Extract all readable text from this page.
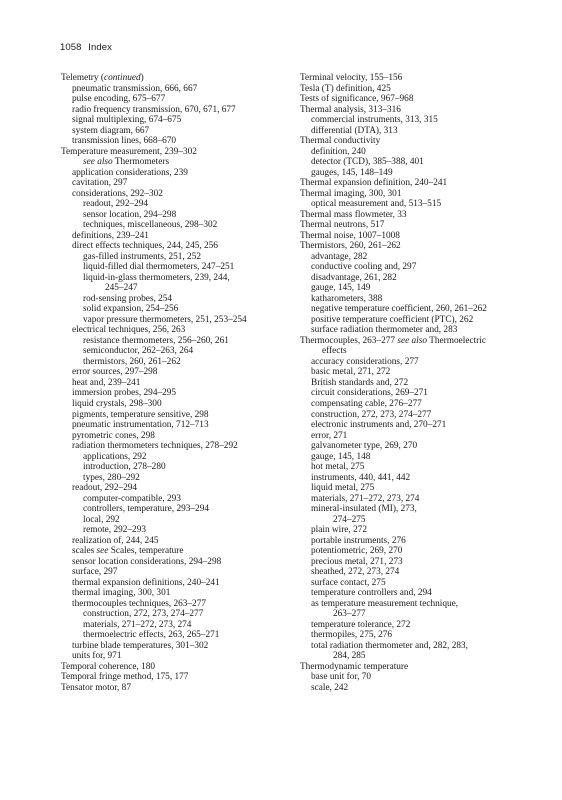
1058 Index
Telemetry (continued)
pneumatic transmission, 666, 667
pulse encoding, 675–677
radio frequency transmission, 670, 671, 677
signal multiplexing, 674–675
system diagram, 667
transmission lines, 668–670
Temperature measurement, 239–302
see also Thermometers
application considerations, 239
cavitation, 297
considerations, 292–302
readout, 292–294
sensor location, 294–298
techniques, miscellaneous, 298–302
definitions, 239–241
direct effects techniques, 244, 245, 256
gas-filled instruments, 251, 252
liquid-filled dial thermometers, 247–251
liquid-in-glass thermometers, 239, 244,
245–247
rod-sensing probes, 254
solid expansion, 254–256
vapor pressure thermometers, 251, 253–254
electrical techniques, 256, 263
resistance thermometers, 256–260, 261
semiconductor, 262–263, 264
thermistors, 260, 261–262
error sources, 297–298
heat and, 239–241
immersion probes, 294–295
liquid crystals, 298–300
pigments, temperature sensitive, 298
pneumatic instrumentation, 712–713
pyrometric cones, 298
radiation thermometers techniques, 278–292
applications, 292
introduction, 278–280
types, 280–292
readout, 292–294
computer-compatible, 293
controllers, temperature, 293–294
local, 292
remote, 292–293
realization of, 244, 245
scales see Scales, temperature
sensor location considerations, 294–298
surface, 297
thermal expansion definitions, 240–241
thermal imaging, 300, 301
thermocouples techniques, 263–277
construction, 272, 273, 274–277
materials, 271–272, 273, 274
thermoelectric effects, 263, 265–271
turbine blade temperatures, 301–302
units for, 971
Temporal coherence, 180
Temporal fringe method, 175, 177
Tensator motor, 87
Terminal velocity, 155–156
Tesla (T) definition, 425
Tests of significance, 967–968
Thermal analysis, 313–316
commercial instruments, 313, 315
differential (DTA), 313
Thermal conductivity
definition, 240
detector (TCD), 385–388, 401
gauges, 145, 148–149
Thermal expansion definition, 240–241
Thermal imaging, 300, 301
optical measurement and, 513–515
Thermal mass flowmeter, 33
Thermal neutrons, 517
Thermal noise, 1007–1008
Thermistors, 260, 261–262
advantage, 282
conductive cooling and, 297
disadvantage, 261, 282
gauge, 145, 149
katharometers, 388
negative temperature coefficient, 260, 261–262
positive temperature coefficient (PTC), 262
surface radiation thermometer and, 283
Thermocouples, 263–277 see also Thermoelectric
effects
accuracy considerations, 277
basic metal, 271, 272
British standards and, 272
circuit considerations, 269–271
compensating cable, 276–277
construction, 272, 273, 274–277
electronic instruments and, 270–271
error, 271
galvanometer type, 269, 270
gauge, 145, 148
hot metal, 275
instruments, 440, 441, 442
liquid metal, 275
materials, 271–272, 273, 274
mineral-insulated (MI), 273,
274–275
plain wire, 272
portable instruments, 276
potentiometric, 269, 270
precious metal, 271, 273
sheathed, 272, 273, 274
surface contact, 275
temperature controllers and, 294
as temperature measurement technique,
263–277
temperature tolerance, 272
thermopiles, 275, 276
total radiation thermometer and, 282, 283,
284, 285
Thermodynamic temperature
base unit for, 70
scale, 242
